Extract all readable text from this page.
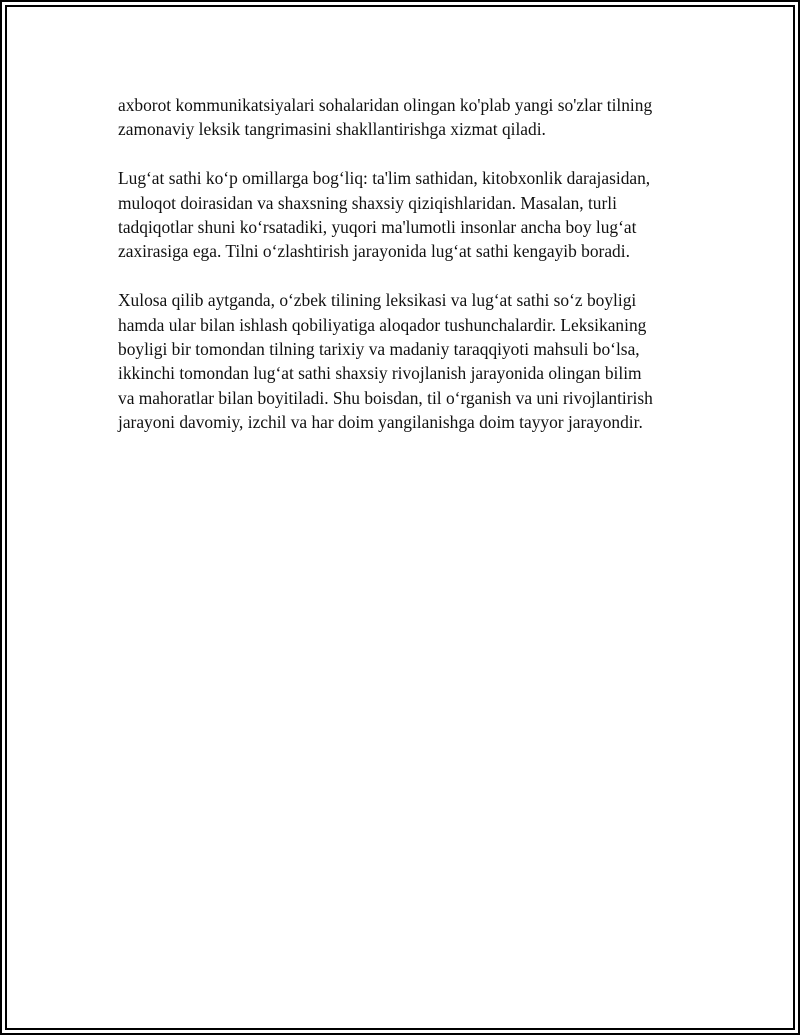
axborot kommunikatsiyalari sohalaridan olingan ko'plab yangi so'zlar tilning
zamonaviy leksik tangrimasini shakllantirishga xizmat qiladi.

Lug‘at sathi ko‘p omillarga bog‘liq: ta'lim sathidan, kitobxonlik darajasidan,
muloqot doirasidan va shaxsning shaxsiy qiziqishlaridan. Masalan, turli
tadqiqotlar shuni ko‘rsatadiki, yuqori ma'lumotli insonlar ancha boy lug‘at
zaxirasiga ega. Tilni o‘zlashtirish jarayonida lug‘at sathi kengayib boradi.

Xulosa qilib aytganda, o‘zbek tilining leksikasi va lug‘at sathi so‘z boyligi
hamda ular bilan ishlash qobiliyatiga aloqador tushunchalardir. Leksikaning
boyligi bir tomondan tilning tarixiy va madaniy taraqqiyoti mahsuli bo‘lsa,
ikkinchi tomondan lug‘at sathi shaxsiy rivojlanish jarayonida olingan bilim
va mahoratlar bilan boyitiladi. Shu boisdan, til o‘rganish va uni rivojlantirish
jarayoni davomiy, izchil va har doim yangilanishga doim tayyor jarayondir.
